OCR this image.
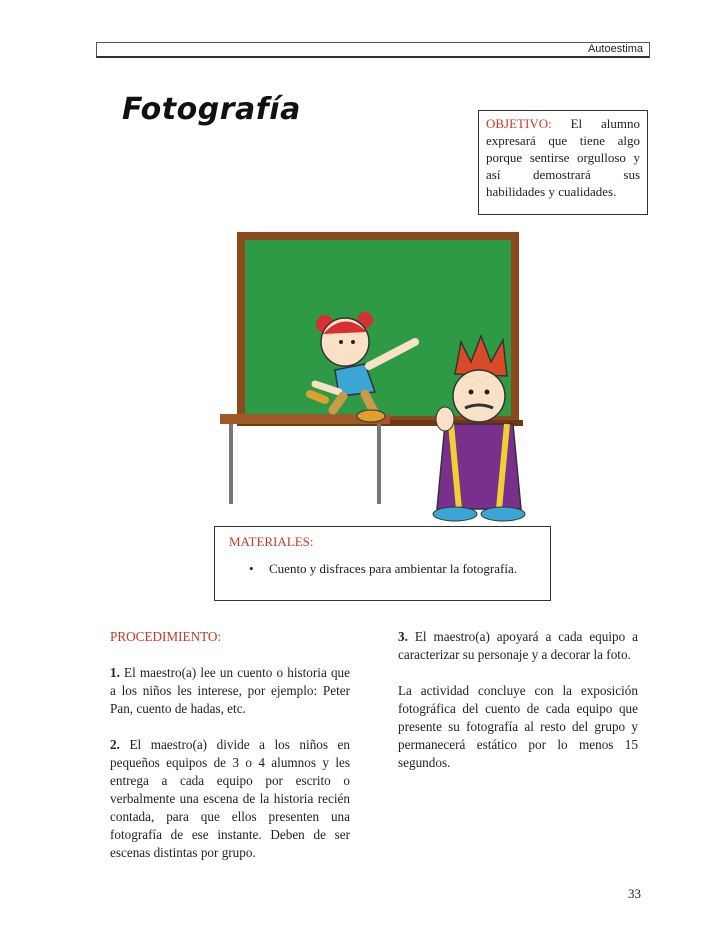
Autoestima
Fotografía	OBJETIVO: El alumno expresará que tiene algo porque sentirse orgulloso y así demostrará sus habilidades y cualidades.
MATERIALES:
• Cuento y disfraces para ambientar la fotografía.
PROCEDIMIENTO:

1. El maestro(a) lee un cuento o historia que a los niños les interese, por ejemplo: Peter Pan, cuento de hadas, etc.

2. El maestro(a) divide a los niños en pequeños equipos de 3 o 4 alumnos y les entrega a cada equipo por escrito o verbalmente una escena de la historia recién contada, para que ellos presenten una fotografía de ese instante. Deben de ser escenas distintas por grupo.

3. El maestro(a) apoyará a cada equipo a caracterizar su personaje y a decorar la foto.

La actividad concluye con la exposición fotográfica del cuento de cada equipo que presente su fotografía al resto del grupo y permanecerá estático por lo menos 15 segundos.

33
